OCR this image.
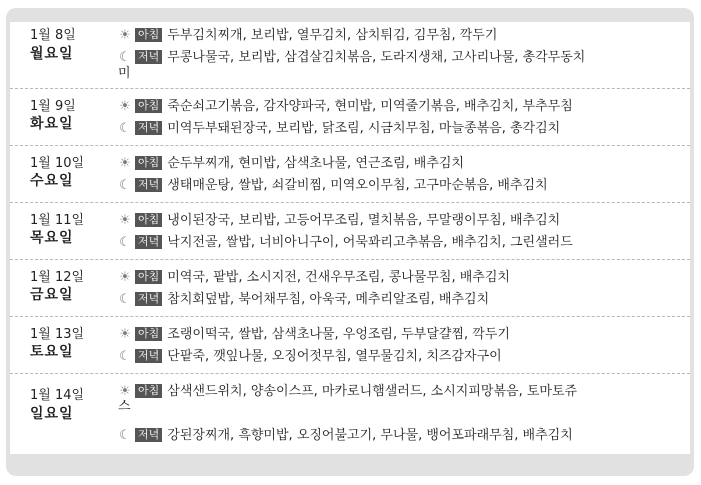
1월 8일
월요일
☀ 아침 두부김치찌개, 보리밥, 열무김치, 삼치튀김, 김무침, 깍두기
☾ 저녁 무콩나물국, 보리밥, 삼겹살김치볶음, 도라지생채, 고사리나물, 총각무동치
미
1월 9일
화요일
☀ 아침 죽순쇠고기볶음, 감자양파국, 현미밥, 미역줄기볶음, 배추김치, 부추무침
☾ 저녁 미역두부돼된장국, 보리밥, 닭조림, 시금치무침, 마늘종볶음, 총각김치
1월 10일
수요일
☀ 아침 순두부찌개, 현미밥, 삼색초나물, 연근조림, 배추김치
☾ 저녁 생태매운탕, 쌀밥, 쇠갈비찜, 미역오이무침, 고구마순볶음, 배추김치
1월 11일
목요일
☀ 아침 냉이된장국, 보리밥, 고등어무조림, 멸치볶음, 무말랭이무침, 배추김치
☾ 저녁 낙지전골, 쌀밥, 너비아니구이, 어묵꽈리고추볶음, 배추김치, 그린샐러드
1월 12일
금요일
☀ 아침 미역국, 팥밥, 소시지전, 건새우무조림, 콩나물무침, 배추김치
☾ 저녁 참치회덮밥, 북어채무침, 아욱국, 메추리알조림, 배추김치
1월 13일
토요일
☀ 아침 조랭이떡국, 쌀밥, 삼색초나물, 우엉조림, 두부달걀찜, 깍두기
☾ 저녁 단팥죽, 깻잎나물, 오징어젓무침, 열무물김치, 치즈감자구이
1월 14일
일요일
☀ 아침 삼색샌드위치, 양송이스프, 마카로니햄샐러드, 소시지피망볶음, 토마토쥬
스
☾ 저녁 강된장찌개, 흑향미밥, 오징어불고기, 무나물, 뱅어포파래무침, 배추김치
